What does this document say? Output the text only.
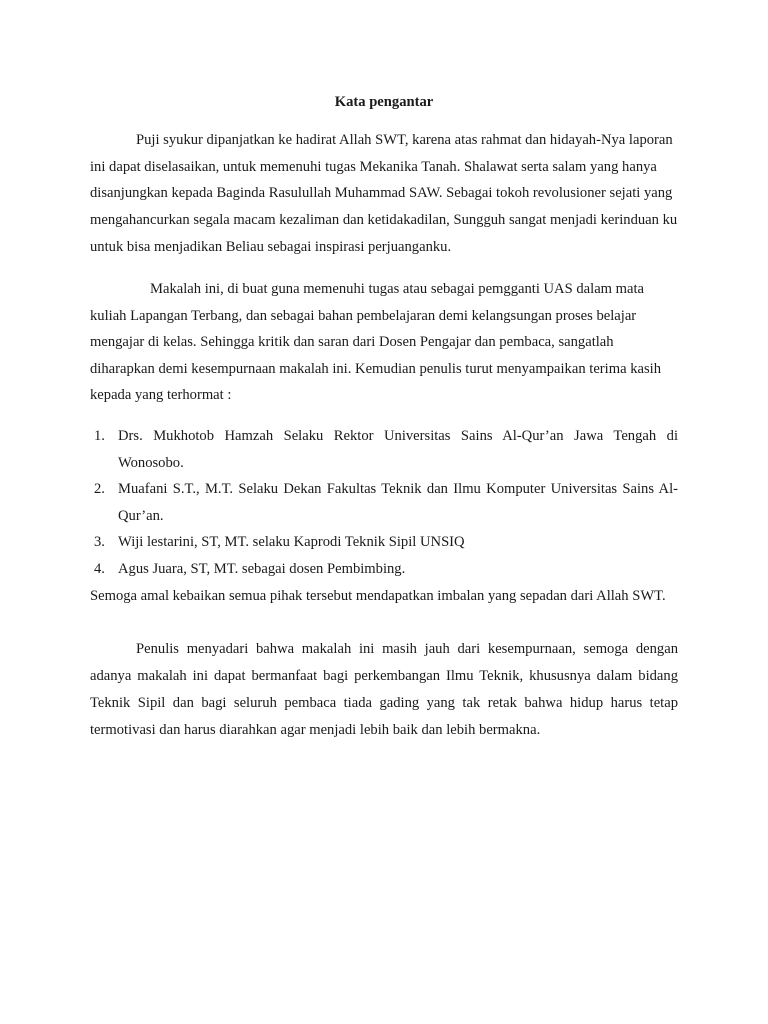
Kata pengantar

Puji syukur dipanjatkan ke hadirat Allah SWT, karena atas rahmat dan hidayah-Nya laporan ini dapat diselasaikan, untuk memenuhi tugas Mekanika Tanah. Shalawat serta salam yang hanya disanjungkan kepada Baginda Rasulullah Muhammad SAW. Sebagai tokoh revolusioner sejati yang mengahancurkan segala macam kezaliman dan ketidakadilan, Sungguh sangat menjadi kerinduan ku untuk bisa menjadikan Beliau sebagai inspirasi perjuanganku.

Makalah ini, di buat guna memenuhi tugas atau sebagai pemgganti UAS dalam mata kuliah Lapangan Terbang, dan sebagai bahan pembelajaran demi kelangsungan proses belajar mengajar di kelas. Sehingga kritik dan saran dari Dosen Pengajar dan pembaca, sangatlah diharapkan demi kesempurnaan makalah ini. Kemudian penulis turut menyampaikan terima kasih kepada yang terhormat :

1. Drs. Mukhotob Hamzah Selaku Rektor Universitas Sains Al-Qur’an Jawa Tengah di Wonosobo.
2. Muafani S.T., M.T. Selaku Dekan Fakultas Teknik dan Ilmu Komputer Universitas Sains Al-Qur’an.
3. Wiji lestarini, ST, MT. selaku Kaprodi Teknik Sipil UNSIQ
4. Agus Juara, ST, MT. sebagai dosen Pembimbing.

Semoga amal kebaikan semua pihak tersebut mendapatkan imbalan yang sepadan dari Allah SWT.

Penulis menyadari bahwa makalah ini masih jauh dari kesempurnaan, semoga dengan adanya makalah ini dapat bermanfaat bagi perkembangan Ilmu Teknik, khususnya dalam bidang Teknik Sipil dan bagi seluruh pembaca tiada gading yang tak retak bahwa hidup harus tetap termotivasi dan harus diarahkan agar menjadi lebih baik dan lebih bermakna.
